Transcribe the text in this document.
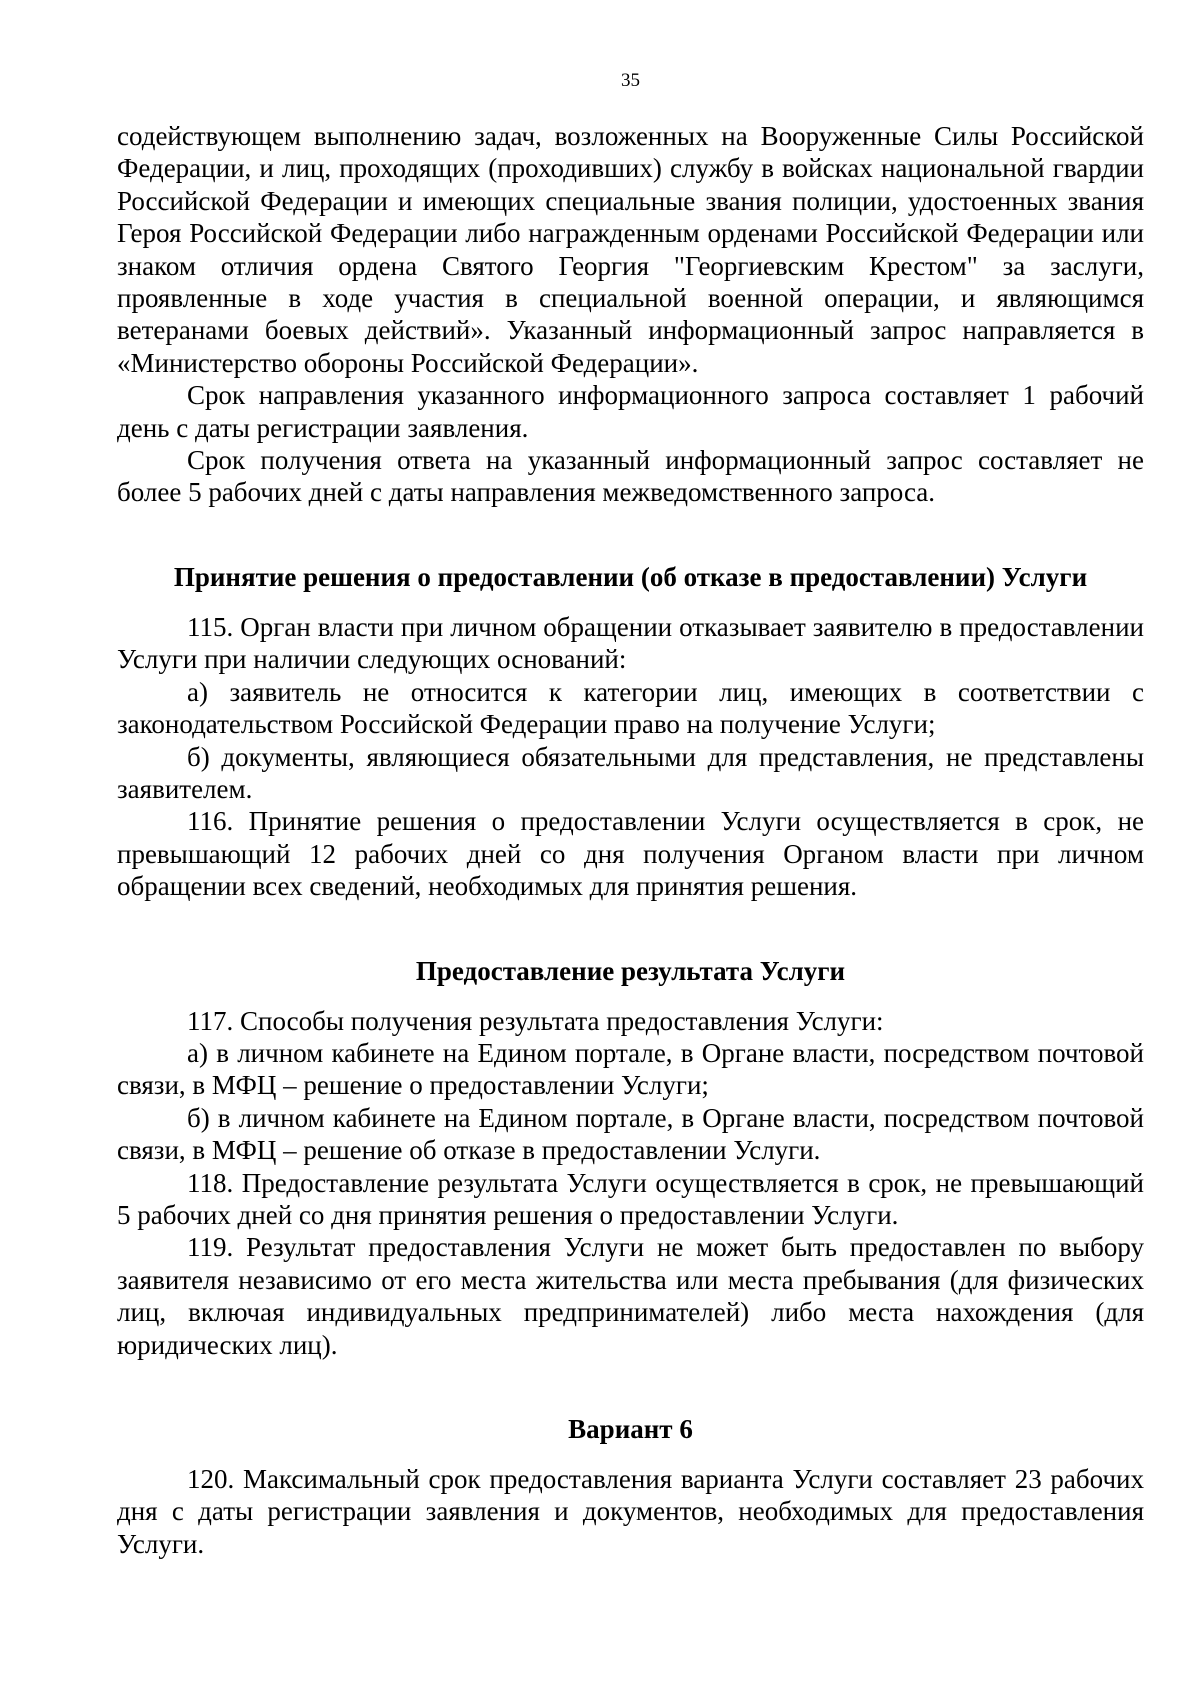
35

содействующем выполнению задач, возложенных на Вооруженные Силы Российской Федерации, и лиц, проходящих (проходивших) службу в войсках национальной гвардии Российской Федерации и имеющих специальные звания полиции, удостоенных звания Героя Российской Федерации либо награжденным орденами Российской Федерации или знаком отличия ордена Святого Георгия "Георгиевским Крестом" за заслуги, проявленные в ходе участия в специальной военной операции, и являющимся ветеранами боевых действий». Указанный информационный запрос направляется в «Министерство обороны Российской Федерации».

Срок направления указанного информационного запроса составляет 1 рабочий день с даты регистрации заявления.

Срок получения ответа на указанный информационный запрос составляет не более 5 рабочих дней с даты направления межведомственного запроса.

Принятие решения о предоставлении (об отказе в предоставлении) Услуги

115. Орган власти при личном обращении отказывает заявителю в предоставлении Услуги при наличии следующих оснований:

а) заявитель не относится к категории лиц, имеющих в соответствии с законодательством Российской Федерации право на получение Услуги;

б) документы, являющиеся обязательными для представления, не представлены заявителем.

116. Принятие решения о предоставлении Услуги осуществляется в срок, не превышающий 12 рабочих дней со дня получения Органом власти при личном обращении всех сведений, необходимых для принятия решения.

Предоставление результата Услуги

117. Способы получения результата предоставления Услуги:

а) в личном кабинете на Едином портале, в Органе власти, посредством почтовой связи, в МФЦ – решение о предоставлении Услуги;

б) в личном кабинете на Едином портале, в Органе власти, посредством почтовой связи, в МФЦ – решение об отказе в предоставлении Услуги.

118. Предоставление результата Услуги осуществляется в срок, не превышающий 5 рабочих дней со дня принятия решения о предоставлении Услуги.

119. Результат предоставления Услуги не может быть предоставлен по выбору заявителя независимо от его места жительства или места пребывания (для физических лиц, включая индивидуальных предпринимателей) либо места нахождения (для юридических лиц).

Вариант 6

120. Максимальный срок предоставления варианта Услуги составляет 23 рабочих дня с даты регистрации заявления и документов, необходимых для предоставления Услуги.
